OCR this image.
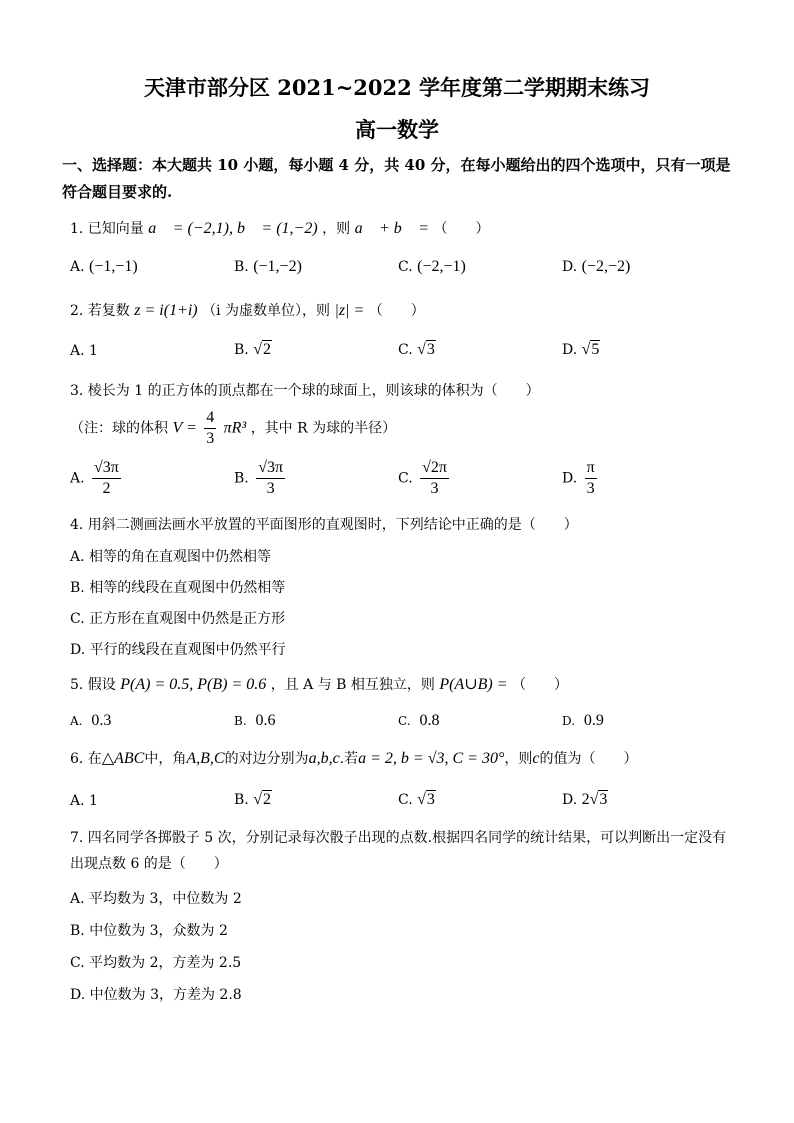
天津市部分区 2021~2022 学年度第二学期期末练习
高一数学
一、选择题：本大题共 10 小题，每小题 4 分，共 40 分，在每小题给出的四个选项中，只有一项是符合题目要求的.
1. 已知向量 a⃗ = (−2,1), b⃗ = (1,−2) ，则 a⃗ + b⃗ = （　　）
A. (−1,−1)	B. (−1,−2)	C. (−2,−1)	D. (−2,−2)
2. 若复数 z = i(1+i) （i 为虚数单位），则 |z| = （　　）
A. 1	B. √2	C. √3	D. √5
3. 棱长为 1 的正方体的顶点都在一个球的球面上，则该球的体积为（　　）
（注：球的体积 $V = \frac{4}{3} \pi R^3$ ，其中 R 为球的半径）
A. $\frac{√3\pi}{2}$	B. $\frac{√3\pi}{3}$	C. $\frac{√2\pi}{3}$	D. $\frac{\pi}{3}$
4. 用斜二测画法画水平放置的平面图形的直观图时，下列结论中正确的是（　　）
A. 相等的角在直观图中仍然相等
B. 相等的线段在直观图中仍然相等
C. 正方形在直观图中仍然是正方形
D. 平行的线段在直观图中仍然平行
5. 假设 P(A) = 0.5, P(B) = 0.6 ，且 A 与 B 相互独立，则 P(A∪B) = （　　）
A. 0.3	B. 0.6	C. 0.8	D. 0.9
6. 在△ABC中，角A,B,C的对边分别为a,b,c.若a = 2, b = √3, C = 30°，则c的值为（　　）
A. 1	B. √2	C. √3	D. 2√3
7. 四名同学各掷骰子 5 次，分别记录每次骰子出现的点数.根据四名同学的统计结果，可以判断出一定没有出现点数 6 的是（　　）
A. 平均数为 3，中位数为 2
B. 中位数为 3，众数为 2
C. 平均数为 2，方差为 2.5
D. 中位数为 3，方差为 2.8
